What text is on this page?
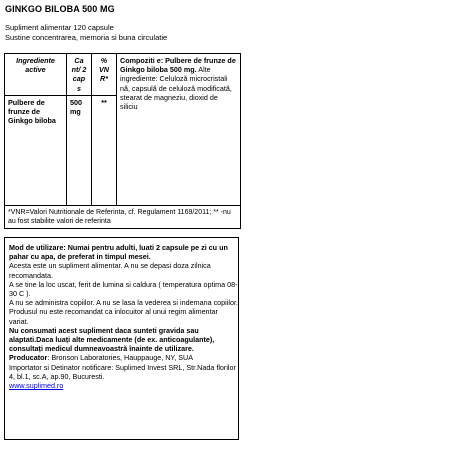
GINKGO BILOBA 500 MG
Supliment alimentar 120 capsule
Sustine concentrarea, memoria si buna circulatie
Ingrediente active	Ca nt/ 2 cap s	% VN R*	Compoziti e: Pulbere de frunze de Ginkgo biloba 500 mg. Alte ingrediente: Celuloză microcristali nă, capsulă de celuloză modificată, stearat de magneziu, dioxid de siliciu
Pulbere de frunze de Ginkgo biloba	500 mg	**	
*VNR=Valori Nutritionale de Referinta, cf. Regulament 1169/2011; ** -nu au fost stabilite valori de referinta			

Mod de utilizare: Numai pentru adulti, luati 2 capsule pe zi cu un pahar cu apa, de preferat in timpul mesei.

Acesta este un supliment alimentar. A nu se depasi doza zilnica recomandata.

A se tine la loc uscat, ferit de lumina si caldura ( temperatura optima 08-30 C ).

A nu se administra copiilor. A nu se lasa la vederea si indemana copiilor.

Produsul nu este recomandat ca inlocuitor al unui regim alimentar variat.

Nu consumati acest supliment daca sunteti gravida sau alaptati.Daca luați alte medicamente (de ex. anticoagulante), consultați medicul dumneavoastră înainte de utilizare.

Producator: Bronson Laboratories, Hauppauge, NY, SUA

Importator si Detinator notificare: Suplimed Invest SRL, Str.Nada florilor 4, bl.1, sc.A, ap.90, Bucuresti.

www.suplimed.ro
